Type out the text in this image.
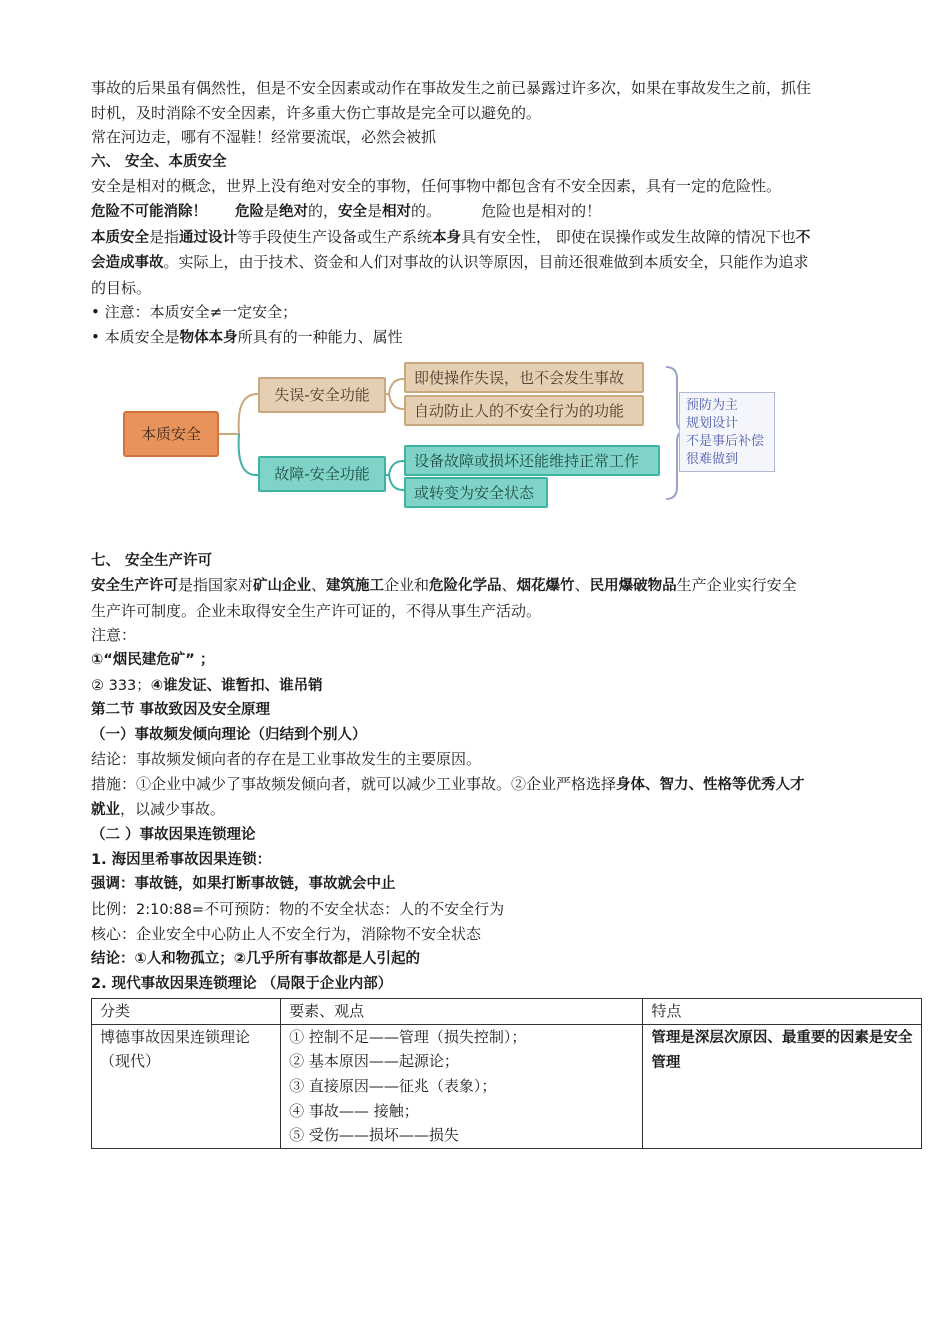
事故的后果虽有偶然性，但是不安全因素或动作在事故发生之前已暴露过许多次，如果在事故发生之前，抓住
时机，及时消除不安全因素，许多重大伤亡事故是完全可以避免的。
常在河边走，哪有不湿鞋！经常要流氓，必然会被抓
六、 安全、本质安全
安全是相对的概念，世界上没有绝对安全的事物，任何事物中都包含有不安全因素，具有一定的危险性。
危险不可能消除！ 危险是绝对的，安全是相对的。	危险也是相对的！
本质安全是指通过设计等手段使生产设备或生产系统本身具有安全性， 即使在误操作或发生故障的情况下也不
会造成事故。实际上，由于技术、资金和人们对事故的认识等原因，目前还很难做到本质安全，只能作为追求
的目标。
• 注意：本质安全≠一定安全；
• 本质安全是物体本身所具有的一种能力、属性
本质安全
失误-安全功能
故障-安全功能
即使操作失误，也不会发生事故
自动防止人的不安全行为的功能
设备故障或损坏还能维持正常工作
或转变为安全状态
预防为主
规划设计
不是事后补偿
很难做到
七、 安全生产许可
安全生产许可是指国家对矿山企业、建筑施工企业和危险化学品、烟花爆竹、民用爆破物品生产企业实行安全
生产许可制度。企业未取得安全生产许可证的，不得从事生产活动。
注意：
①“烟民建危矿” ；
② 333；④谁发证、谁暂扣、谁吊销
第二节 事故致因及安全原理
（一）事故频发倾向理论（归结到个别人）
结论：事故频发倾向者的存在是工业事故发生的主要原因。
措施：①企业中减少了事故频发倾向者，就可以减少工业事故。②企业严格选择身体、智力、性格等优秀人才
就业，以减少事故。
（二 ）事故因果连锁理论
1. 海因里希事故因果连锁：
强调：事故链，如果打断事故链，事故就会中止
比例：2:10:88=不可预防：物的不安全状态：人的不安全行为
核心：企业安全中心防止人不安全行为，消除物不安全状态
结论：①人和物孤立；②几乎所有事故都是人引起的
2. 现代事故因果连锁理论 （局限于企业内部）
分类	要素、观点	特点
博德事故因果连锁理论（现代）	① 控制不足——管理（损失控制）；
② 基本原因——起源论；
③ 直接原因——征兆（表象）；
④ 事故—— 接触；
⑤ 受伤——损坏——损失	管理是深层次原因、最重要的因素是安全管理
